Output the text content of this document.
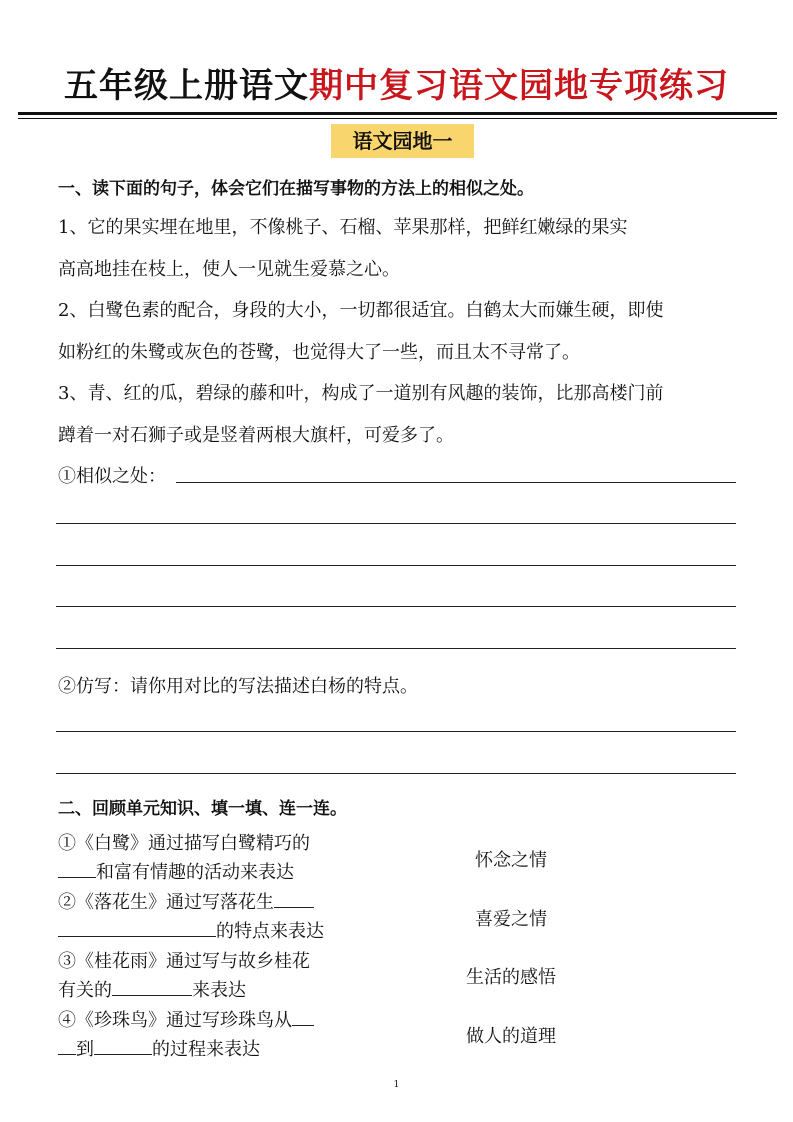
五年级上册语文期中复习语文园地专项练习
语文园地一
一、读下面的句子，体会它们在描写事物的方法上的相似之处。
1、它的果实埋在地里，不像桃子、石榴、苹果那样，把鲜红嫩绿的果实
高高地挂在枝上，使人一见就生爱慕之心。
2、白鹭色素的配合，身段的大小，一切都很适宜。白鹤太大而嫌生硬，即使
如粉红的朱鹭或灰色的苍鹭，也觉得大了一些，而且太不寻常了。
3、青、红的瓜，碧绿的藤和叶，构成了一道别有风趣的装饰，比那高楼门前
蹲着一对石狮子或是竖着两根大旗杆，可爱多了。
①相似之处：
②仿写：请你用对比的写法描述白杨的特点。
二、回顾单元知识、填一填、连一连。
①《白鹭》通过描写白鹭精巧的
和富有情趣的活动来表达
②《落花生》通过写落花生
的特点来表达
③《桂花雨》通过写与故乡桂花
有关的	来表达
④《珍珠鸟》通过写珍珠鸟从
到	的过程来表达
怀念之情
喜爱之情
生活的感悟
做人的道理
1
